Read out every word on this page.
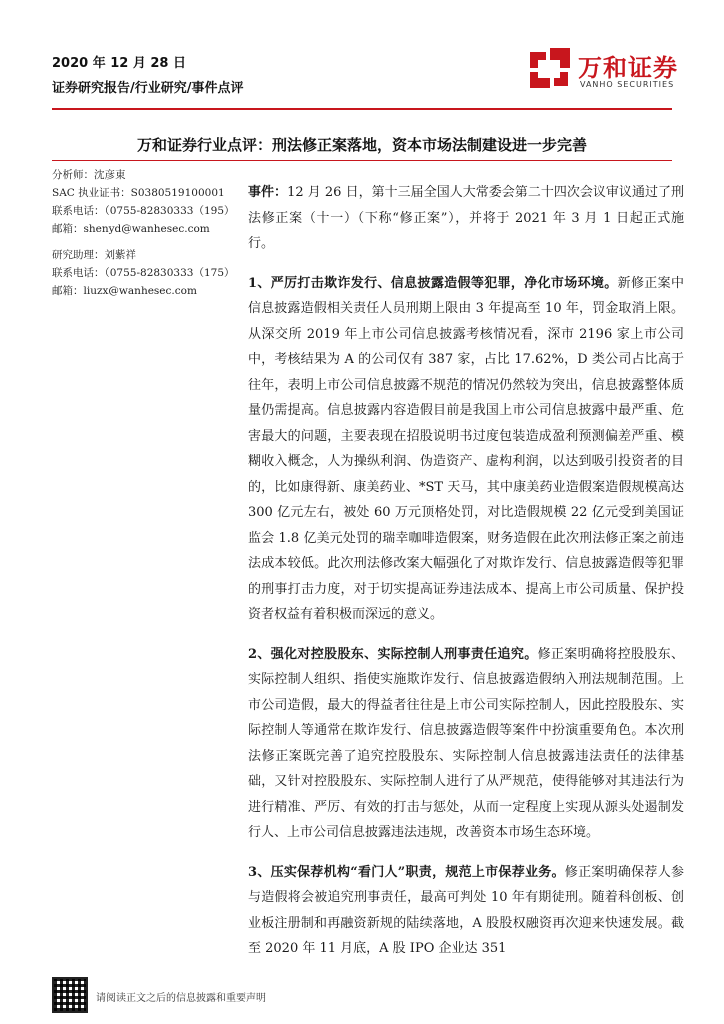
2020 年 12 月 28 日
证券研究报告/行业研究/事件点评
万和证券
VANHO SECURITIES
万和证券行业点评：刑法修正案落地，资本市场法制建设进一步完善
分析师：沈彦東
SAC 执业证书：S0380519100001
联系电话：（0755-82830333（195）
邮箱：shenyd@wanhesec.com
研究助理：刘紫祥
联系电话：（0755-82830333（175）
邮箱：liuzx@wanhesec.com

事件：12 月 26 日，第十三届全国人大常委会第二十四次会议审议通过了刑法修正案（十一）（下称“修正案”），并将于 2021 年 3 月 1 日起正式施行。

1、严厉打击欺诈发行、信息披露造假等犯罪，净化市场环境。新修正案中信息披露造假相关责任人员刑期上限由 3 年提高至 10 年，罚金取消上限。从深交所 2019 年上市公司信息披露考核情况看，深市 2196 家上市公司中，考核结果为 A 的公司仅有 387 家，占比 17.62%，D 类公司占比高于往年，表明上市公司信息披露不规范的情况仍然较为突出，信息披露整体质量仍需提高。信息披露内容造假目前是我国上市公司信息披露中最严重、危害最大的问题，主要表现在招股说明书过度包装造成盈利预测偏差严重、模糊收入概念，人为操纵利润、伪造资产、虚构利润，以达到吸引投资者的目的，比如康得新、康美药业、*ST 天马，其中康美药业造假案造假规模高达 300 亿元左右，被处 60 万元顶格处罚，对比造假规模 22 亿元受到美国证监会 1.8 亿美元处罚的瑞幸咖啡造假案，财务造假在此次刑法修正案之前违法成本较低。此次刑法修改案大幅强化了对欺诈发行、信息披露造假等犯罪的刑事打击力度，对于切实提高证券违法成本、提高上市公司质量、保护投资者权益有着积极而深远的意义。

2、强化对控股股东、实际控制人刑事责任追究。修正案明确将控股股东、实际控制人组织、指使实施欺诈发行、信息披露造假纳入刑法规制范围。上市公司造假，最大的得益者往往是上市公司实际控制人，因此控股股东、实际控制人等通常在欺诈发行、信息披露造假等案件中扮演重要角色。本次刑法修正案既完善了追究控股股东、实际控制人信息披露违法责任的法律基础，又针对控股股东、实际控制人进行了从严规范，使得能够对其违法行为进行精准、严厉、有效的打击与惩处，从而一定程度上实现从源头处遏制发行人、上市公司信息披露违法违规，改善资本市场生态环境。

3、压实保荐机构“看门人”职责，规范上市保荐业务。修正案明确保荐人参与造假将会被追究刑事责任，最高可判处 10 年有期徒刑。随着科创板、创业板注册制和再融资新规的陆续落地，A 股股权融资再次迎来快速发展。截至 2020 年 11 月底，A 股 IPO 企业达 351

请阅读正文之后的信息披露和重要声明
